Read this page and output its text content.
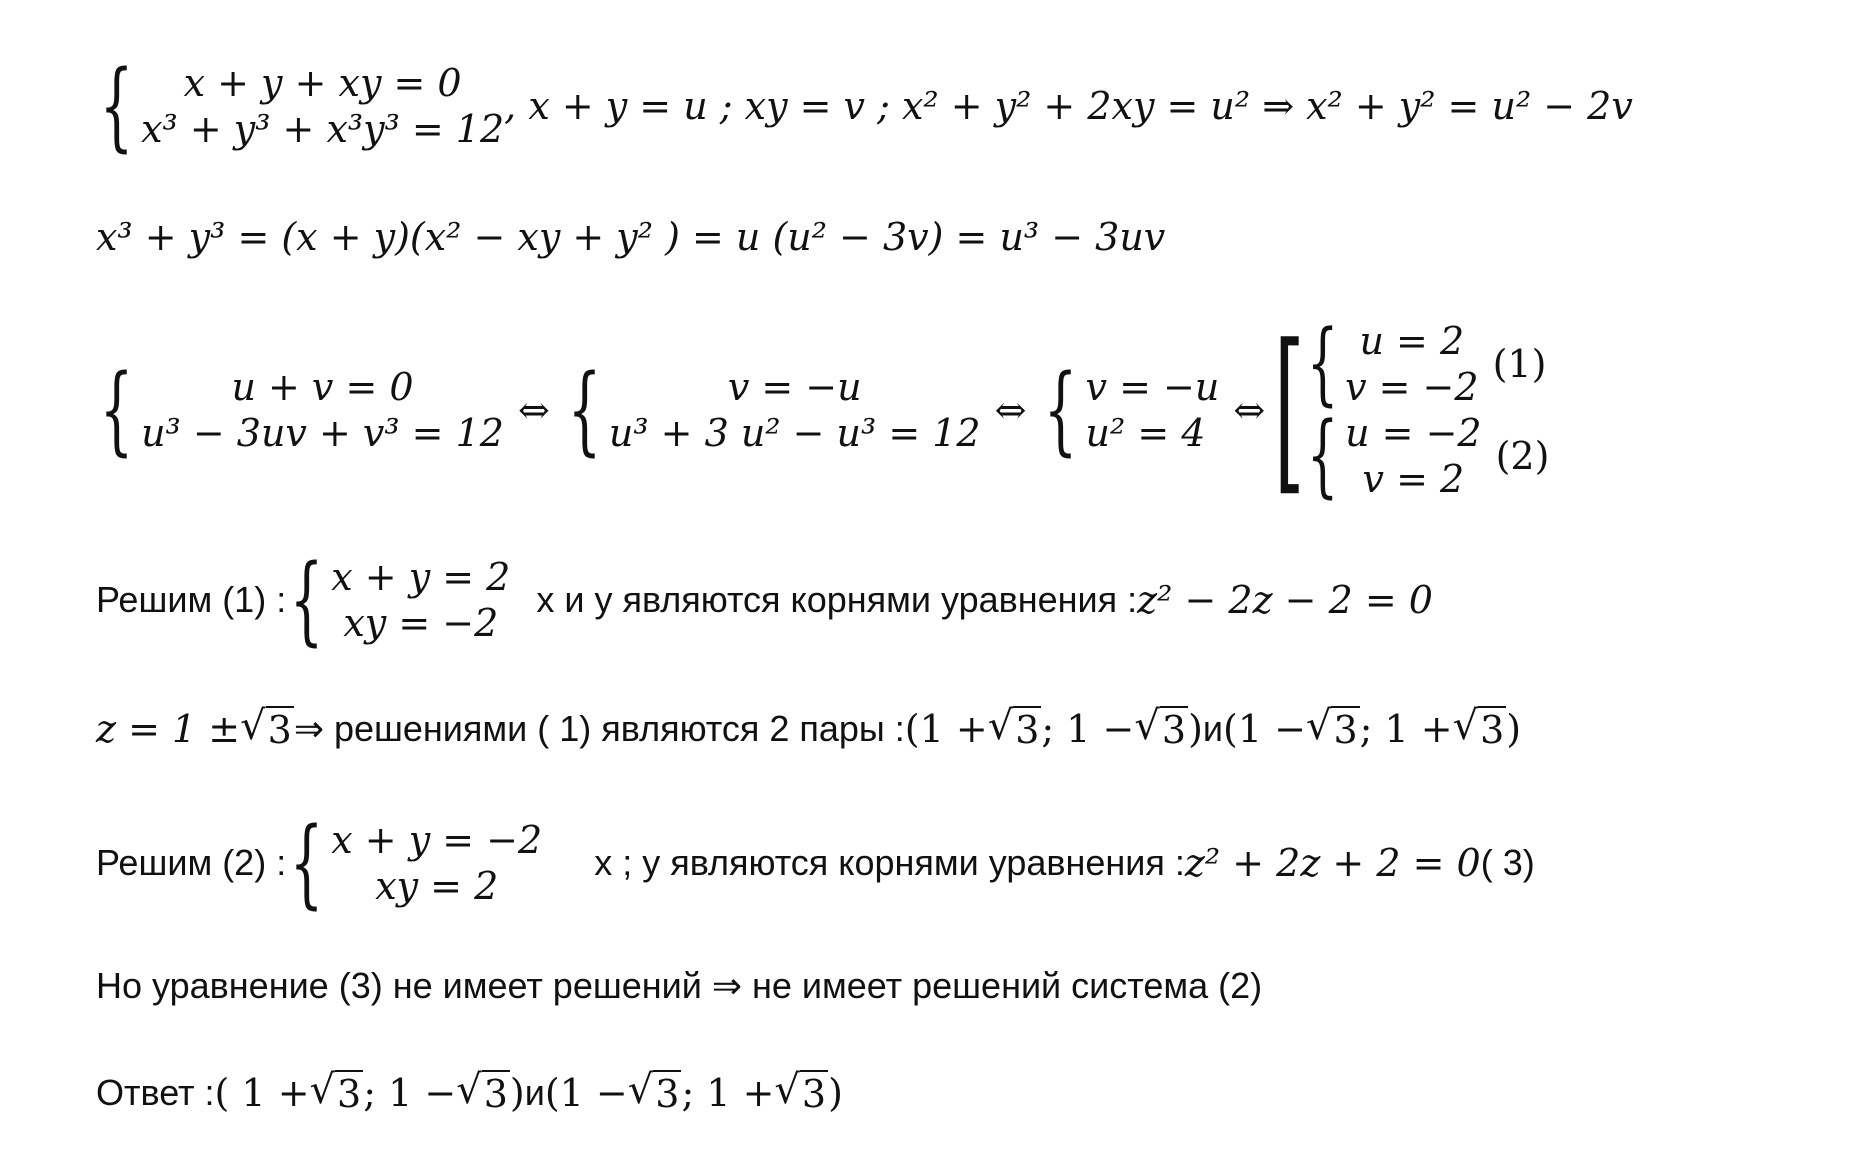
{	x + y + xy = 0
x³ + y³ + x³y³ = 12
, x + y = u ; xy = v ; x² + y² + 2xy = u² ⇒ x² + y² = u² − 2v
x³ + y³ = (x + y)(x² − xy + y² ) = u (u² − 3v) = u³ − 3uv
{	u + v = 0
u³ − 3uv + v³ = 12
⇔ {	v = −u
u³ + 3 u² − u³ = 12
⇔ { v = −u
u² = 4
⇔ [ { u = 2
v = −2
(1)
{ u = −2
v = 2
(2)
Решим (1) : { x + y = 2
xy = −2
x и y являются корнями уравнения : z² − 2z − 2 = 0
z = 1 ± √ 3 ⇒ решениями ( 1) являются 2 пары : (1 + √ 3 ; 1 − √ 3 ) и (1 − √ 3 ; 1 + √ 3 )
Решим (2) : { x + y = −2
xy = 2
x ; y являются корнями уравнения : z² + 2z + 2 = 0 ( 3)
Но уравнение (3) не имеет решений ⇒ не имеет решений система (2)
Ответ : ( 1 + √ 3 ; 1 − √ 3 ) и (1 − √ 3 ; 1 + √ 3 )
